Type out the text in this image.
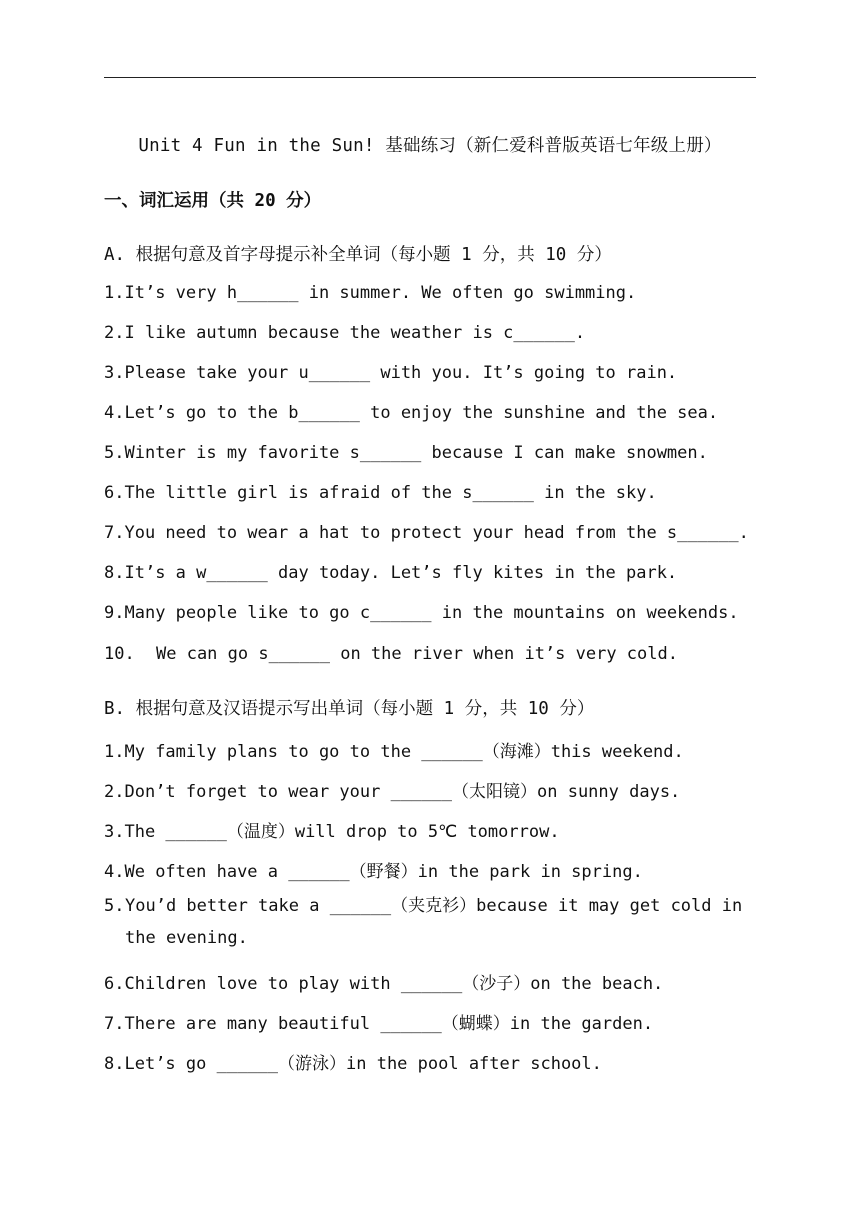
Unit 4 Fun in the Sun! 基础练习（新仁爱科普版英语七年级上册）
一、词汇运用（共 20 分）
A. 根据句意及首字母提示补全单词（每小题 1 分，共 10 分）
1.It’s very h______ in summer. We often go swimming.
2.I like autumn because the weather is c______.
3.Please take your u______ with you. It’s going to rain.
4.Let’s go to the b______ to enjoy the sunshine and the sea.
5.Winter is my favorite s______ because I can make snowmen.
6.The little girl is afraid of the s______ in the sky.
7.You need to wear a hat to protect your head from the s______.
8.It’s a w______ day today. Let’s fly kites in the park.
9.Many people like to go c______ in the mountains on weekends.
10. We can go s______ on the river when it’s very cold.
B. 根据句意及汉语提示写出单词（每小题 1 分，共 10 分）
1.My family plans to go to the ______（海滩）this weekend.
2.Don’t forget to wear your ______（太阳镜）on sunny days.
3.The ______（温度）will drop to 5℃ tomorrow.
4.We often have a ______（野餐）in the park in spring.
5.You’d better take a ______（夹克衫）because it may get cold in
the evening.
6.Children love to play with ______（沙子）on the beach.
7.There are many beautiful ______（蝴蝶）in the garden.
8.Let’s go ______（游泳）in the pool after school.
